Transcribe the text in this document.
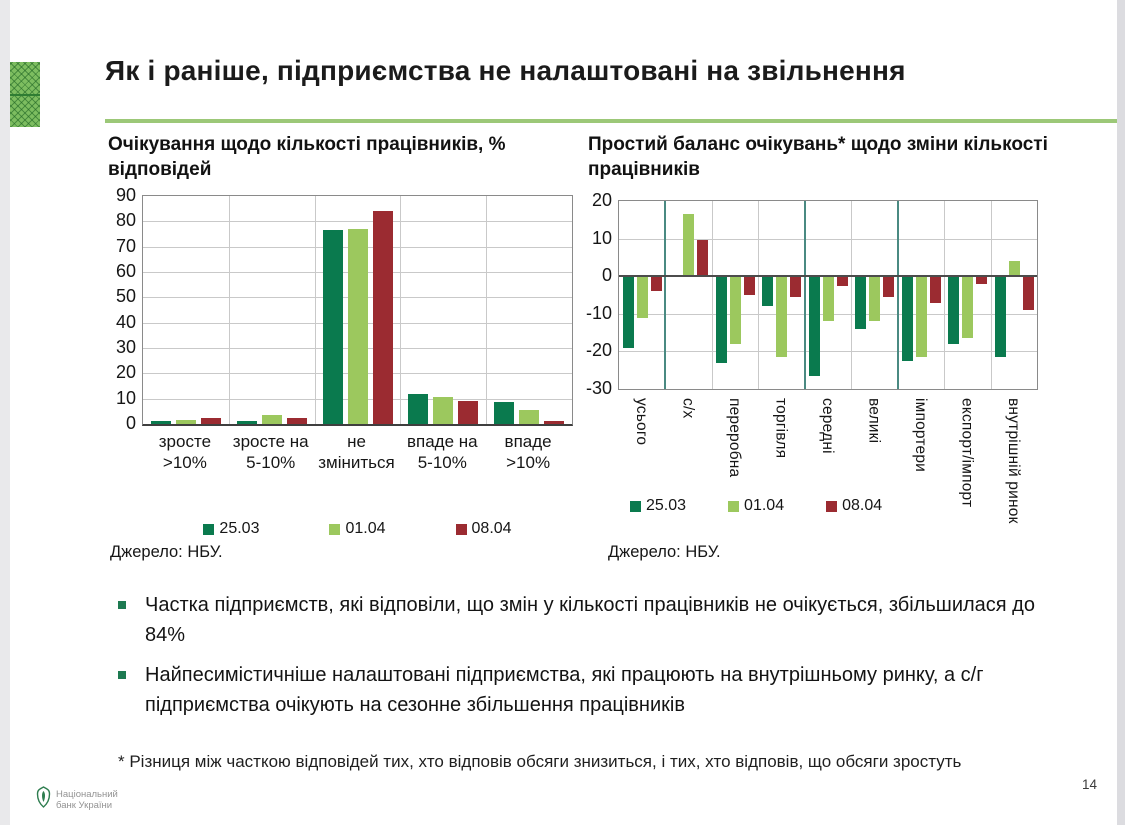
Як і раніше, підприємства не налаштовані на звільнення
Очікування щодо кількості працівників, % відповідей
Простий баланс очікувань* щодо зміни кількості працівників
0
10
20
30
40
50
60
70
80
90
зросте >10%
зросте на 5-10%
не зміниться
впаде на 5-10%
впаде >10%
-30
-20
-10
0
10
20
усього с/х переробна торгівля середні великі імпортери експорт/імпорт внутрішній ринок
25.03	01.04	08.04
25.03	01.04	08.04
Джерело: НБУ.	Джерело: НБУ.
Частка підприємств, які відповіли, що змін у кількості працівників не очікується, збільшилася до 84%
Найпесимістичніше налаштовані підприємства, які працюють на внутрішньому ринку, а с/г підприємства очікують на сезонне збільшення працівників
* Різниця між часткою відповідей тих, хто відповів обсяги знизиться, і тих, хто відповів, що обсяги зростуть
Національний
банк України
14
